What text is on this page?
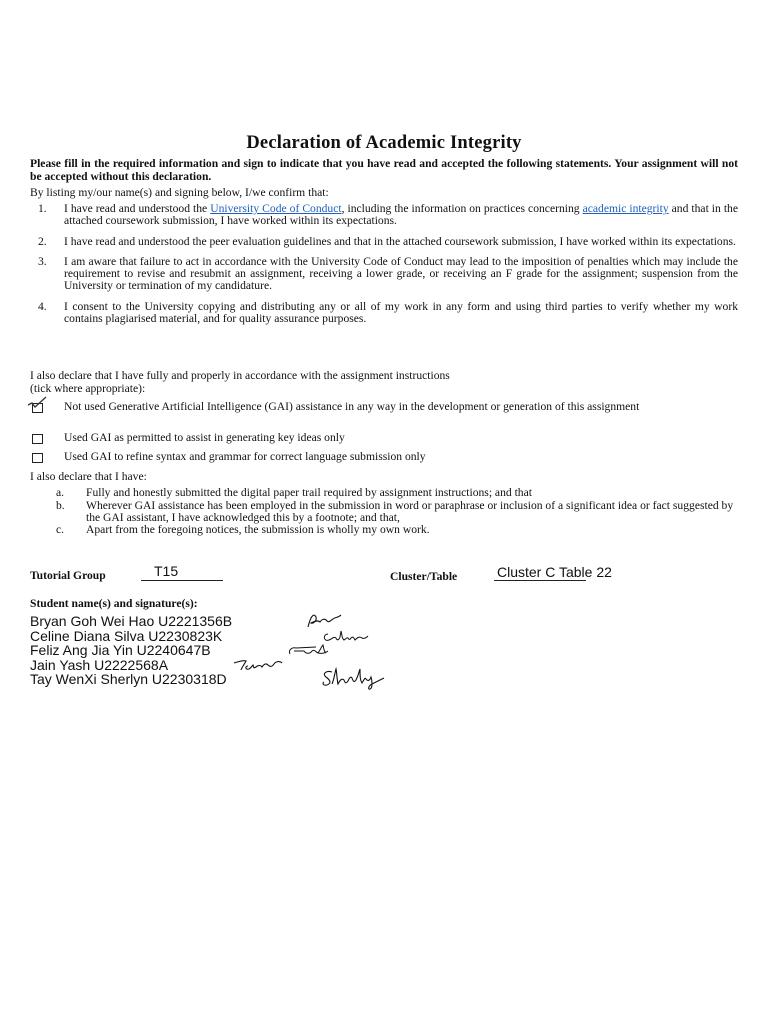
Declaration of Academic Integrity
Please fill in the required information and sign to indicate that you have read and accepted the following statements. Your assignment will not be accepted without this declaration.
By listing my/our name(s) and signing below, I/we confirm that:
1. I have read and understood the University Code of Conduct, including the information on practices concerning academic integrity and that in the attached coursework submission, I have worked within its expectations.
2. I have read and understood the peer evaluation guidelines and that in the attached coursework submission, I have worked within its expectations.
3. I am aware that failure to act in accordance with the University Code of Conduct may lead to the imposition of penalties which may include the requirement to revise and resubmit an assignment, receiving a lower grade, or receiving an F grade for the assignment; suspension from the University or termination of my candidature.
4. I consent to the University copying and distributing any or all of my work in any form and using third parties to verify whether my work contains plagiarised material, and for quality assurance purposes.
I also declare that I have fully and properly in accordance with the assignment instructions
(tick where appropriate):
Not used Generative Artificial Intelligence (GAI) assistance in any way in the development or generation of this assignment
Used GAI as permitted to assist in generating key ideas only
Used GAI to refine syntax and grammar for correct language submission only
I also declare that I have:
a. Fully and honestly submitted the digital paper trail required by assignment instructions; and that
b. Wherever GAI assistance has been employed in the submission in word or paraphrase or inclusion of a significant idea or fact suggested by the GAI assistant, I have acknowledged this by a footnote; and that,
c. Apart from the foregoing notices, the submission is wholly my own work.
Tutorial Group	T15	Cluster/Table	Cluster C Table 22
Student name(s) and signature(s):
Bryan Goh Wei Hao U2221356B
Celine Diana Silva U2230823K
Feliz Ang Jia Yin U2240647B
Jain Yash U2222568A
Tay WenXi Sherlyn U2230318D
